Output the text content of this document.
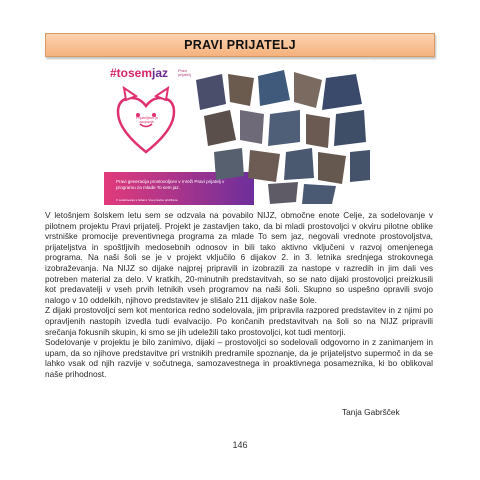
PRAVI PRIJATELJ
#tosemjaz Pravi prijatelj
Prijateljstvo je zaupanje.
Pravi generacija prostovoljcev v mreži Pravi prijatelj v programu za mlade To sem jaz.
V sodelovanju s šolami. Vse pravice pridržane.

V letošnjem šolskem letu sem se odzvala na povabilo NIJZ, območne enote Celje, za sodelovanje v pilotnem projektu Pravi prijatelj. Projekt je zastavljen tako, da bi mladi prostovoljci v okviru pilotne oblike vrstniške promocije preventivnega programa za mlade To sem jaz, negovali vrednote prostovoljstva, prijateljstva in spoštljivih medosebnih odnosov in bili tako aktivno vključeni v razvoj omenjenega programa. Na naši šoli se je v projekt vključilo 6 dijakov 2. in 3. letnika srednjega strokovnega izobraževanja. Na NIJZ so dijake najprej pripravili in izobrazili za nastope v razredih in jim dali ves potreben material za delo. V kratkih, 20-minutnih predstavitvah, so se nato dijaki prostovoljci preizkusili kot predavatelji v vseh prvih letnikih vseh programov na naši šoli. Skupno so uspešno opravili svojo nalogo v 10 oddelkih, njihovo predstavitev je slišalo 211 dijakov naše šole.

Z dijaki prostovoljci sem kot mentorica redno sodelovala, jim pripravila razpored predstavitev in z njimi po opravljenih nastopih izvedla tudi evalvacijo. Po končanih predstavitvah na šoli so na NIJZ pripravili srečanja fokusnih skupin, ki smo se jih udeležili tako prostovoljci, kot tudi mentorji.

Sodelovanje v projektu je bilo zanimivo, dijaki – prostovoljci so sodelovali odgovorno in z zanimanjem in upam, da so njihove predstavitve pri vrstnikih predramile spoznanje, da je prijateljstvo supermoč in da se lahko vsak od njih razvije v sočutnega, samozavestnega in proaktivnega posameznika, ki bo oblikoval naše prihodnost.

Tanja Gabršček
146
